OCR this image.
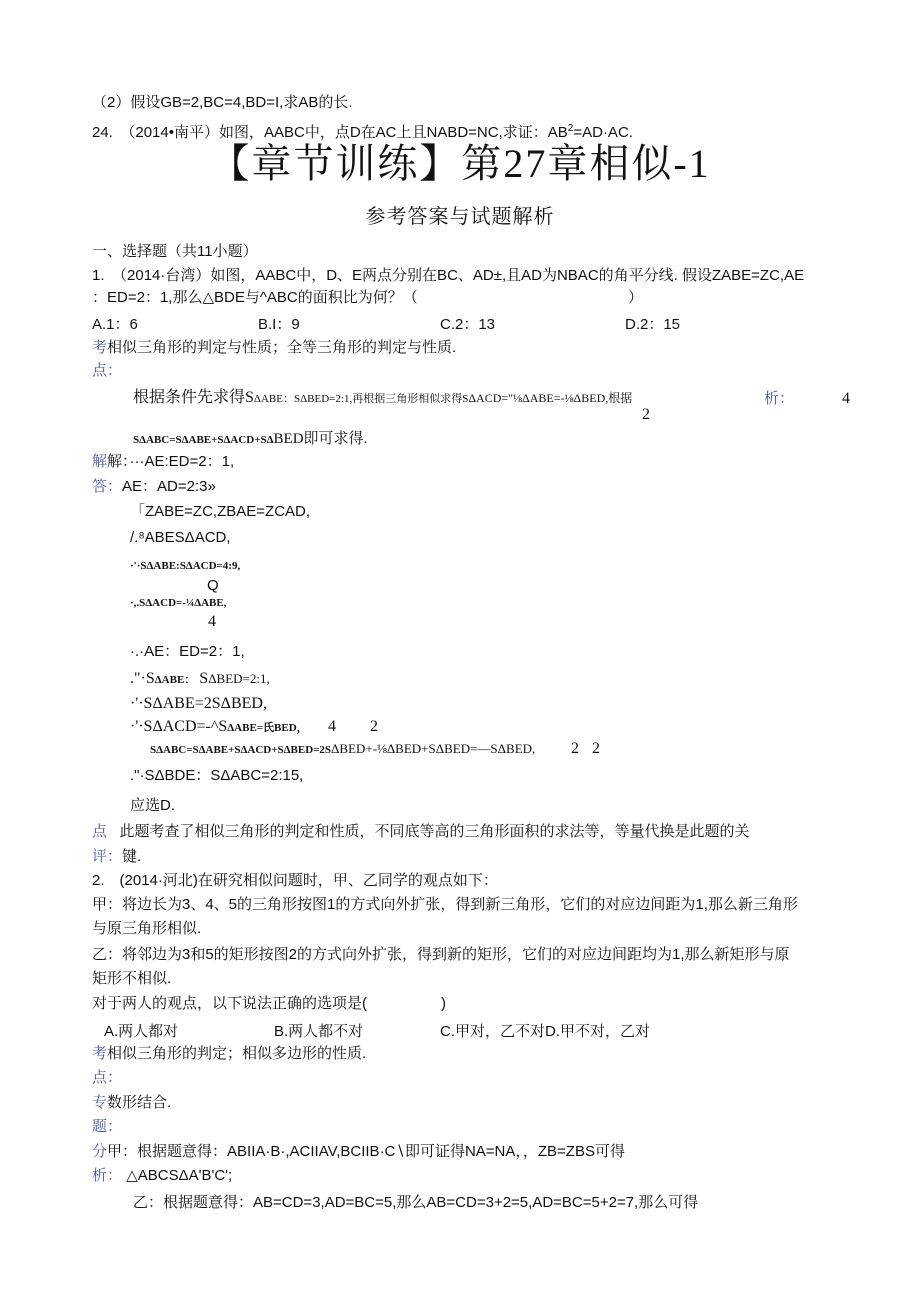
（2）假设GB=2,BC=4,BD=I,求AB的长.
24.　（2014•南平）如图，AABC中，点D在AC上且NABD=NC,求证：$AB^2=AD\cdot AC$.
【章节训练】第27章相似-1
参考答案与试题解析
一、选择题（共11小题）
1.　（2014·台湾）如图，AABC中，D、E两点分别在BC、AD±,且AD为NBAC的角平分线. 假设ZABE=ZC,AE
：ED=2：1,那么△BDE与^ABC的面积比为何？（	）
A.1：6	B.I：9	C.2：13	D.2：15
考相似三角形的判定与性质；全等三角形的判定与性质.
点：
根据条件先求得SΔABE：SΔBED=2:1,再根据三角形相似求得SΔACD="⅛ΔABE=-⅛ΔBED,根据	析：	4
2
SΔABC=SΔABE+SΔACD+SΔBED即可求得.
解解：···AE:ED=2：1,
答：AE：AD=2:3»
「ZABE=ZC,ZBAE=ZCAD,
/.⁸ABESΔACD,
·'·SΔABE:SΔACD=4:9,
Q
·,.SΔACD=-¼ΔABE,
4
·.·AE：ED=2：1,
."·SΔABE： SΔBED=2:1,
·'·SΔABE=2SΔBED,
·'·SΔACD=-^SΔABE=氏BED， 4 2
SΔABC=SΔABE+SΔACD+SΔBED=2SΔBED+-⅛ΔBED+SΔBED=—SΔBED, 2 2
."·SΔBDE：SΔABC=2:15,
应选D.
点 此题考查了相似三角形的判定和性质，不同底等高的三角形面积的求法等，等量代换是此题的关
评：键.
2.　(2014·河北)在研究相似问题时，甲、乙同学的观点如下：
甲：将边长为3、4、5的三角形按图1的方式向外扩张，得到新三角形，它们的对应边间距为1,那么新三角形
与原三角形相似.
乙：将邻边为3和5的矩形按图2的方式向外扩张，得到新的矩形，它们的对应边间距均为1,那么新矩形与原
矩形不相似.
对于两人的观点，以下说法正确的选项是(	)
A.两人都对	B.两人都不对	C.甲对，乙不对D.甲不对，乙对
考相似三角形的判定；相似多边形的性质.
点：
专数形结合.
题：
分甲：根据题意得：ABIIA·B·,ACIIAV,BCIIB·C∖即可证得NA=NA，，ZB=ZBS可得
析： △ABCSΔA'B'C';
乙：根据题意得：AB=CD=3,AD=BC=5,那么AB=CD=3+2=5,AD=BC=5+2=7,那么可得
